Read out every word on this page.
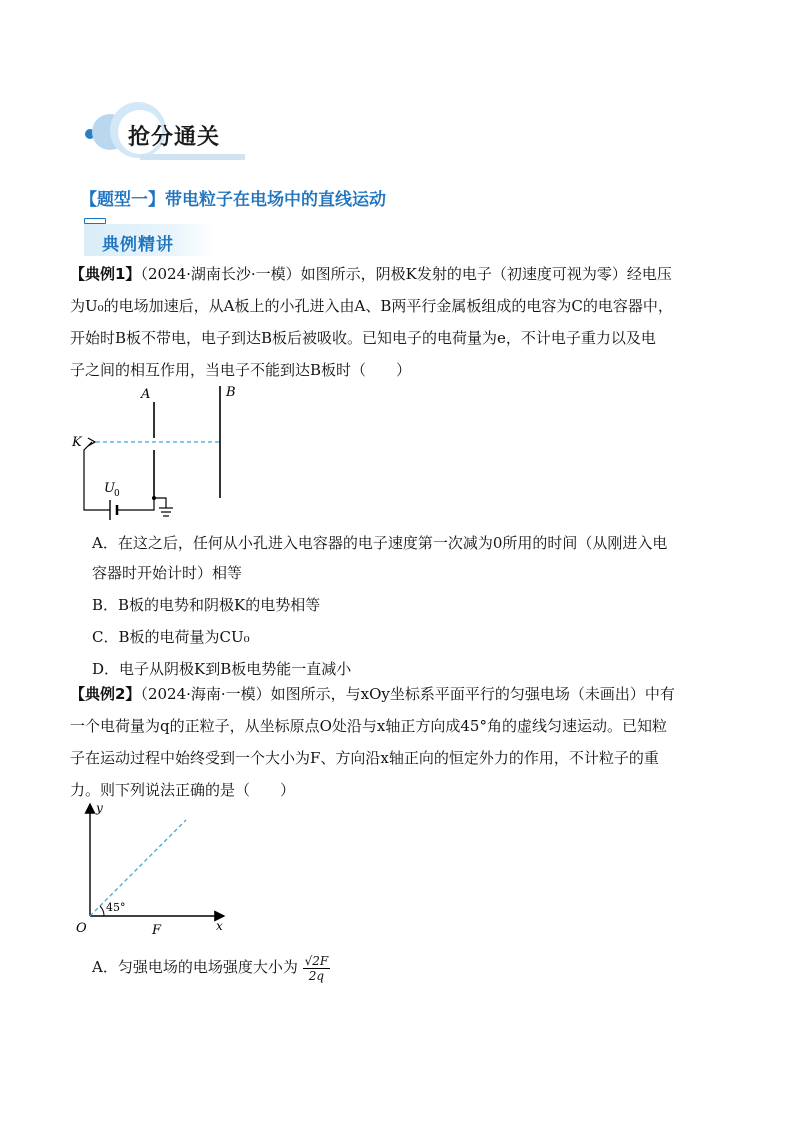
抢分通关
【题型一】带电粒子在电场中的直线运动
典例精讲
【典例1】（2024·湖南长沙·一模）如图所示，阴极K发射的电子（初速度可视为零）经电压
为U₀的电场加速后，从A板上的小孔进入由A、B两平行金属板组成的电容为C的电容器中，
开始时B板不带电，电子到达B板后被吸收。已知电子的电荷量为e，不计电子重力以及电
子之间的相互作用，当电子不能到达B板时（　　）
A	B
K
U 0
A．在这之后，任何从小孔进入电容器的电子速度第一次减为0所用的时间（从刚进入电
容器时开始计时）相等
B．B板的电势和阴极K的电势相等
C．B板的电荷量为CU₀
D．电子从阴极K到B板电势能一直减小
【典例2】（2024·海南·一模）如图所示，与xOy坐标系平面平行的匀强电场（未画出）中有
一个电荷量为q的正粒子，从坐标原点O处沿与x轴正方向成45°角的虚线匀速运动。已知粒
子在运动过程中始终受到一个大小为F、方向沿x轴正向的恒定外力的作用，不计粒子的重
力。则下列说法正确的是（　　）
O
y
x
F
45°
A．匀强电场的电场强度大小为 $\frac{√2F}{2q}$
